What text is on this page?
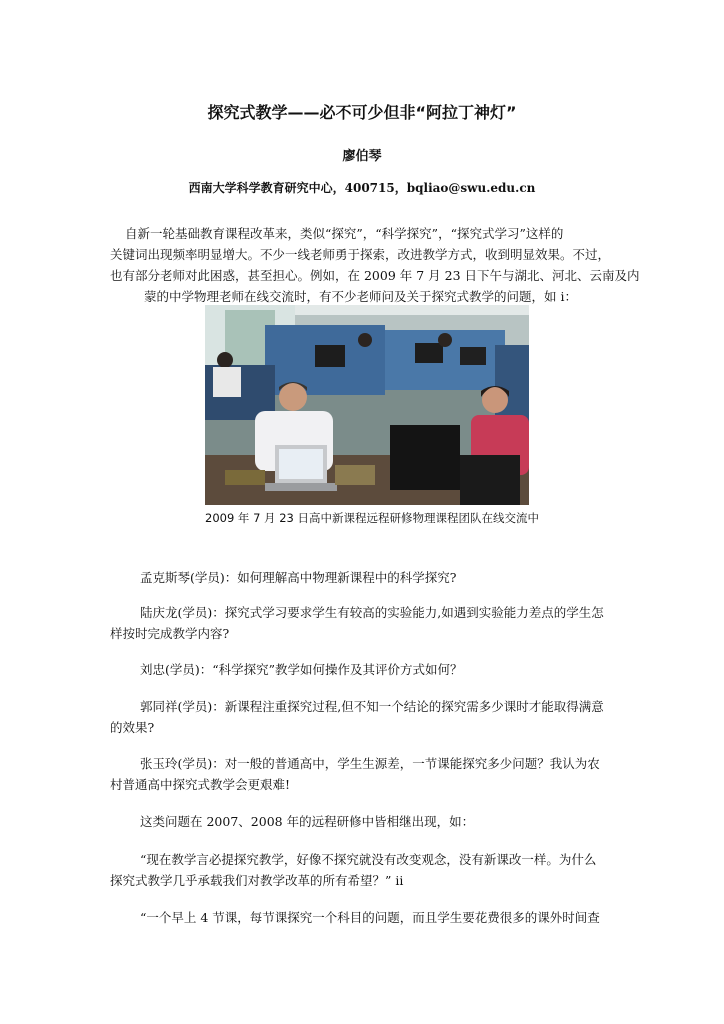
探究式教学——必不可少但非“阿拉丁神灯”
廖伯琴
西南大学科学教育研究中心，400715，bqliao@swu.edu.cn
自新一轮基础教育课程改革来，类似“探究”，“科学探究”，“探究式学习”这样的
关键词出现频率明显增大。不少一线老师勇于探索，改进教学方式，收到明显效果。不过，
也有部分老师对此困惑，甚至担心。例如，在 2009 年 7 月 23 日下午与湖北、河北、云南及内
蒙的中学物理老师在线交流时，有不少老师问及关于探究式教学的问题，如 i：
2009 年 7 月 23 日高中新课程远程研修物理课程团队在线交流中
孟克斯琴(学员)：如何理解高中物理新课程中的科学探究?
陆庆龙(学员)：探究式学习要求学生有较高的实验能力,如遇到实验能力差点的学生怎
样按时完成教学内容?
刘忠(学员)：“科学探究”教学如何操作及其评价方式如何？
郭同祥(学员)：新课程注重探究过程,但不知一个结论的探究需多少课时才能取得满意
的效果?
张玉玲(学员)：对一般的普通高中，学生生源差，一节课能探究多少问题？我认为农
村普通高中探究式教学会更艰难!
这类问题在 2007、2008 年的远程研修中皆相继出现，如：
“现在教学言必提探究教学，好像不探究就没有改变观念，没有新课改一样。为什么
探究式教学几乎承载我们对教学改革的所有希望？” ii
“一个早上 4 节课，每节课探究一个科目的问题，而且学生要花费很多的课外时间查
